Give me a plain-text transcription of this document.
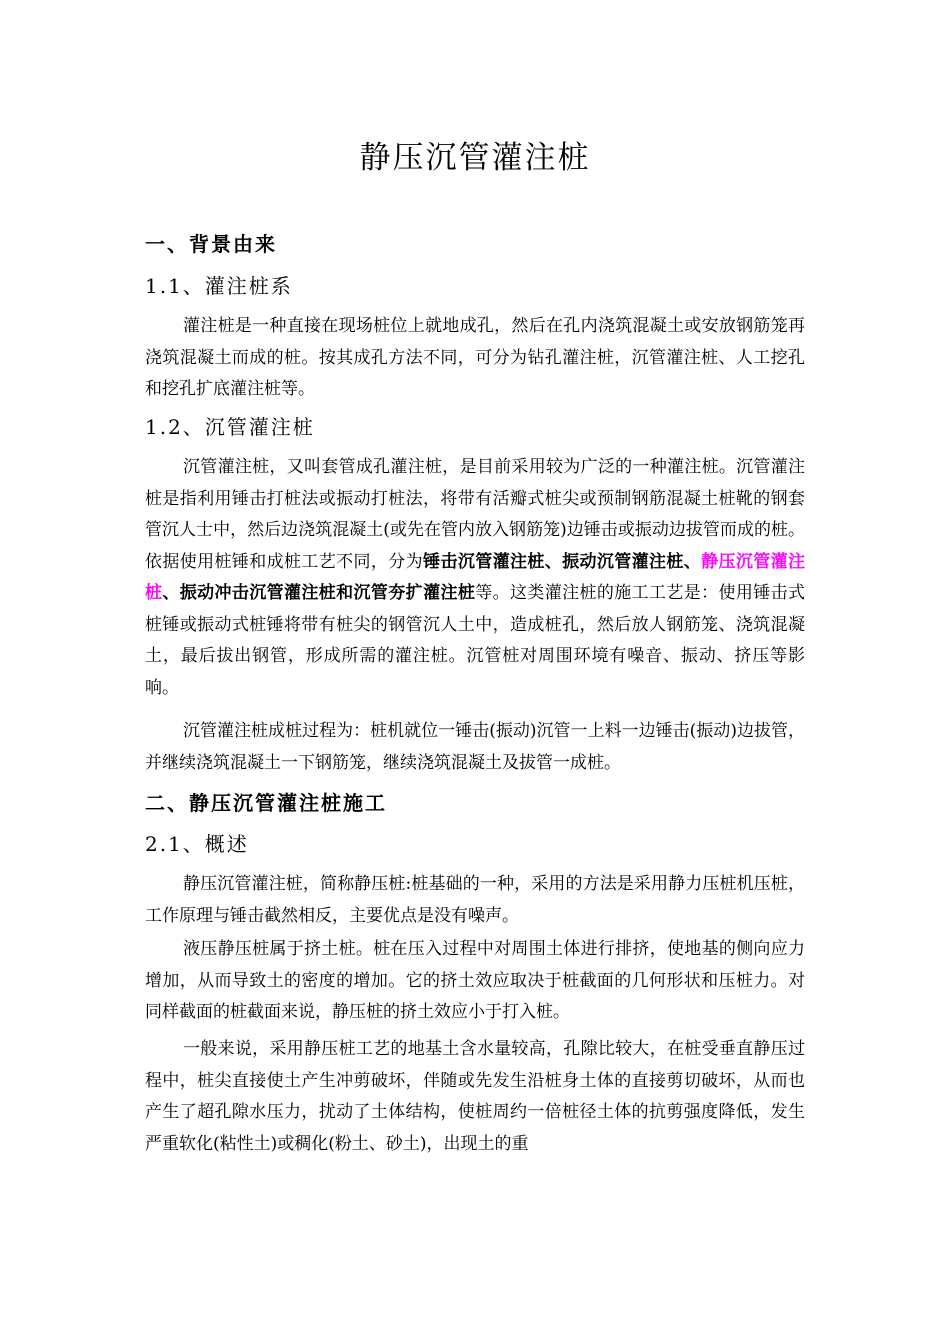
静压沉管灌注桩
一、背景由来
1.1、灌注桩系
灌注桩是一种直接在现场桩位上就地成孔，然后在孔内浇筑混凝土或安放钢筋笼再浇筑混凝土而成的桩。按其成孔方法不同，可分为钻孔灌注桩，沉管灌注桩、人工挖孔和挖孔扩底灌注桩等。
1.2、沉管灌注桩
沉管灌注桩，又叫套管成孔灌注桩，是目前采用较为广泛的一种灌注桩。沉管灌注桩是指利用锤击打桩法或振动打桩法，将带有活瓣式桩尖或预制钢筋混凝土桩靴的钢套管沉人士中，然后边浇筑混凝土(或先在管内放入钢筋笼)边锤击或振动边拔管而成的桩。依据使用桩锤和成桩工艺不同，分为锤击沉管灌注桩、振动沉管灌注桩、静压沉管灌注桩、振动冲击沉管灌注桩和沉管夯扩灌注桩等。这类灌注桩的施工工艺是：使用锤击式桩锤或振动式桩锤将带有桩尖的钢管沉人土中，造成桩孔，然后放人钢筋笼、浇筑混凝土，最后拔出钢管，形成所需的灌注桩。沉管桩对周围环境有噪音、振动、挤压等影响。
沉管灌注桩成桩过程为：桩机就位一锤击(振动)沉管一上料一边锤击(振动)边拔管，并继续浇筑混凝土一下钢筋笼，继续浇筑混凝土及拔管一成桩。
二、静压沉管灌注桩施工
2.1、概述
静压沉管灌注桩，简称静压桩:桩基础的一种，采用的方法是采用静力压桩机压桩，工作原理与锤击截然相反，主要优点是没有噪声。
液压静压桩属于挤土桩。桩在压入过程中对周围土体进行排挤，使地基的侧向应力增加，从而导致土的密度的增加。它的挤土效应取决于桩截面的几何形状和压桩力。对同样截面的桩截面来说，静压桩的挤土效应小于打入桩。
一般来说，采用静压桩工艺的地基土含水量较高，孔隙比较大，在桩受垂直静压过程中，桩尖直接使土产生冲剪破坏，伴随或先发生沿桩身土体的直接剪切破坏，从而也产生了超孔隙水压力，扰动了土体结构，使桩周约一倍桩径土体的抗剪强度降低，发生严重软化(粘性土)或稠化(粉土、砂土)，出现土的重
